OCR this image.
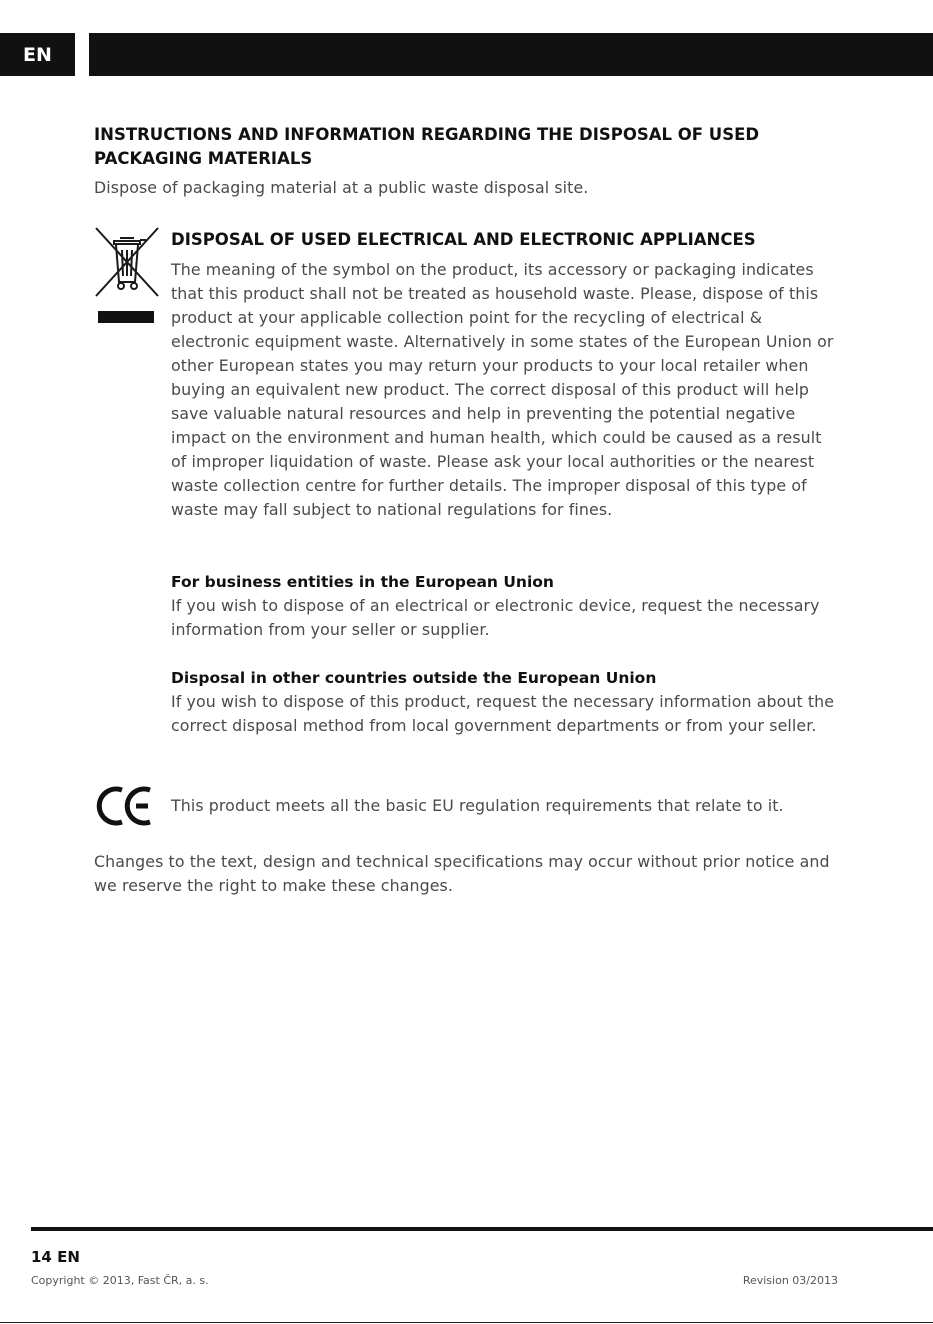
EN
INSTRUCTIONS AND INFORMATION REGARDING THE DISPOSAL OF USED PACKAGING MATERIALS

Dispose of packaging material at a public waste disposal site.

DISPOSAL OF USED ELECTRICAL AND ELECTRONIC APPLIANCES

The meaning of the symbol on the product, its accessory or packaging indicates that this product shall not be treated as household waste. Please, dispose of this product at your applicable collection point for the recycling of electrical & electronic equipment waste. Alternatively in some states of the European Union or other European states you may return your products to your local retailer when buying an equivalent new product. The correct disposal of this product will help save valuable natural resources and help in preventing the potential negative impact on the environment and human health, which could be caused as a result of improper liquidation of waste. Please ask your local authorities or the nearest waste collection centre for further details. The improper disposal of this type of waste may fall subject to national regulations for fines.

For business entities in the European Union

If you wish to dispose of an electrical or electronic device, request the necessary information from your seller or supplier.

Disposal in other countries outside the European Union

If you wish to dispose of this product, request the necessary information about the correct disposal method from local government departments or from your seller.

This product meets all the basic EU regulation requirements that relate to it.

Changes to the text, design and technical specifications may occur without prior notice and we reserve the right to make these changes.

14 EN
Copyright © 2013, Fast ČR, a. s.	Revision 03/2013
